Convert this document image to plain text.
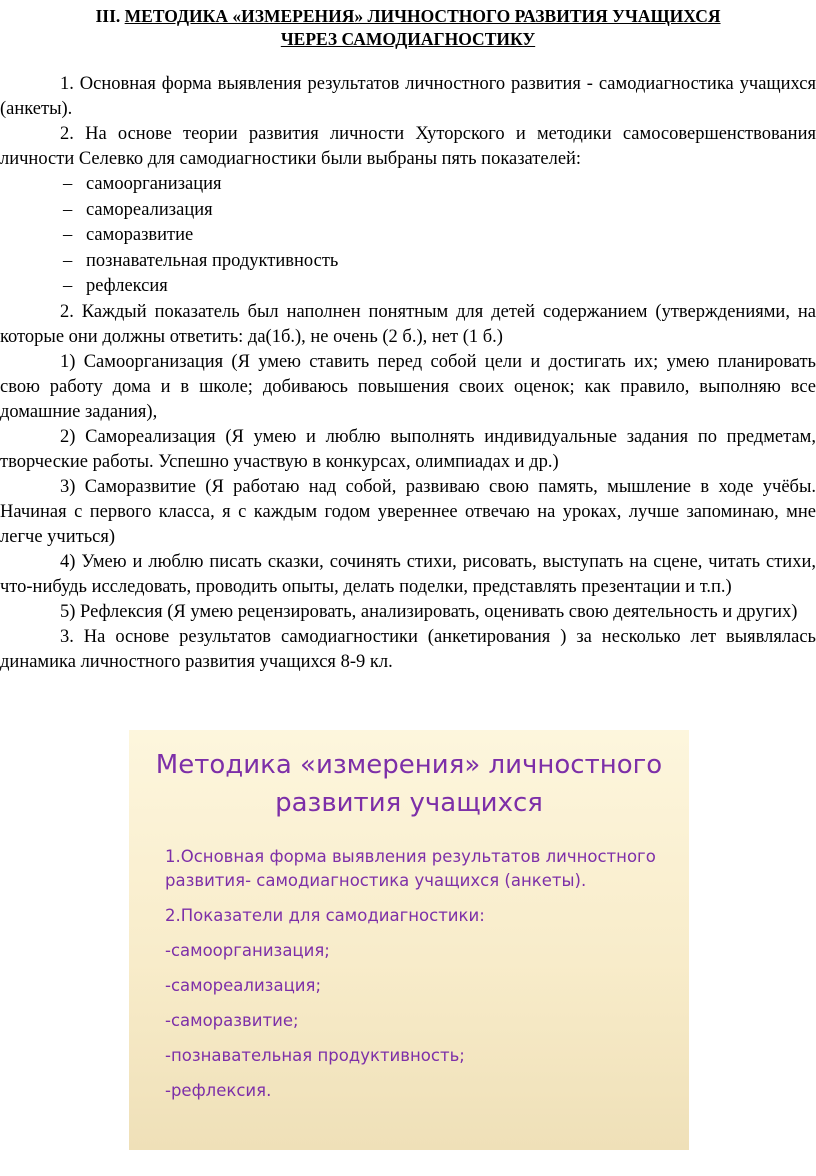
III. МЕТОДИКА «ИЗМЕРЕНИЯ» ЛИЧНОСТНОГО РАЗВИТИЯ УЧАЩИХСЯ
ЧЕРЕЗ САМОДИАГНОСТИКУ

1. Основная форма выявления результатов личностного развития - самодиагностика учащихся (анкеты).

2. На основе теории развития личности Хуторского и методики самосовершенствования личности Селевко для самодиагностики были выбраны пять показателей:

– самоорганизация
– самореализация
– саморазвитие
– познавательная продуктивность
– рефлексия

2. Каждый показатель был наполнен понятным для детей содержанием (утверждениями, на которые они должны ответить: да(1б.), не очень (2 б.), нет (1 б.)

1) Самоорганизация (Я умею ставить перед собой цели и достигать их; умею планировать свою работу дома и в школе; добиваюсь повышения своих оценок; как правило, выполняю все домашние задания),

2) Самореализация (Я умею и люблю выполнять индивидуальные задания по предметам, творческие работы. Успешно участвую в конкурсах, олимпиадах и др.)

3) Саморазвитие (Я работаю над собой, развиваю свою память, мышление в ходе учёбы. Начиная с первого класса, я с каждым годом увереннее отвечаю на уроках, лучше запоминаю, мне легче учиться)

4) Умею и люблю писать сказки, сочинять стихи, рисовать, выступать на сцене, читать стихи, что-нибудь исследовать, проводить опыты, делать поделки, представлять презентации и т.п.)

5) Рефлексия (Я умею рецензировать, анализировать, оценивать свою деятельность и других)

3. На основе результатов самодиагностики (анкетирования ) за несколько лет выявлялась динамика личностного развития учащихся 8-9 кл.

Методика «измерения» личностного развития учащихся

1.Основная форма выявления результатов личностного развития- самодиагностика учащихся (анкеты).

2.Показатели для самодиагностики:

-самоорганизация;

-самореализация;

-саморазвитие;

-познавательная продуктивность;

-рефлексия.
